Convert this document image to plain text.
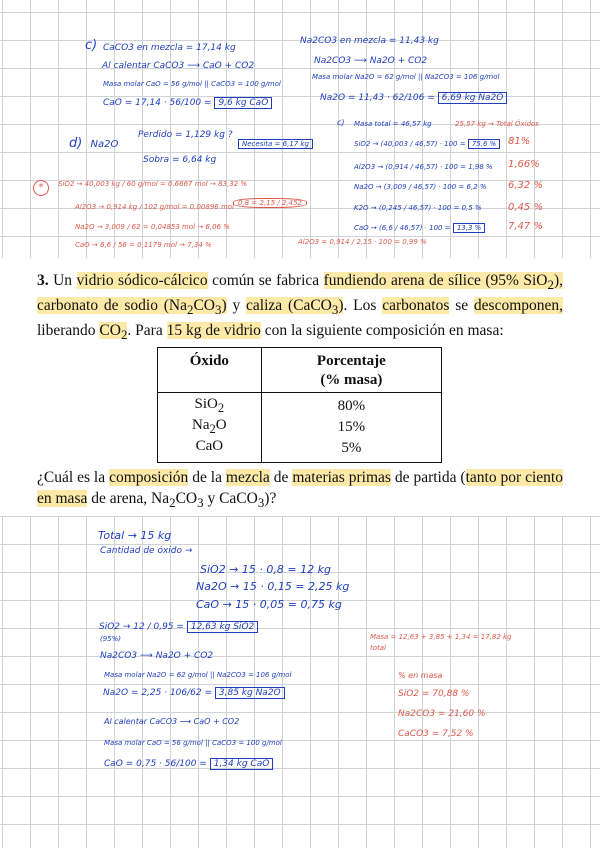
c) CaCO3 en mezcla = 17,14 kg
Al calentar CaCO3 ⟶ CaO + CO2
Masa molar CaO = 56 g/mol || CaCO3 = 100 g/mol
CaO = 17,14 · 56/100 = 9,6 kg CaO
Na2CO3 en mezcla = 11,43 kg
Na2CO3 ⟶ Na2O + CO2
Masa molar Na2O = 62 g/mol || Na2CO3 = 106 g/mol
Na2O = 11,43 · 62/106 = 6,69 kg Na2O
d) Na2O
Perdido = 1,129 kg ?
Sobra = 6,64 kg
Necesita = 6,17 kg
c) Masa total = 46,57 kg	25,57 kg → Total Óxidos
SiO2 → (40,003 / 46,57) · 100 = 75,6 %
Al2O3 → (0,914 / 46,57) · 100 = 1,98 %
Na2O → (3,009 / 46,57) · 100 = 6,2 %
K2O → (0,245 / 46,57) · 100 = 0,5 %
CaO → (6,6 / 46,57) · 100 = 13,3 %
81%
1,66%
6,32 %
0,45 %
7,47 %
*	SiO2 → 40,003 kg / 60 g/mol = 0,6667 mol → 83,32 %
Al2O3 → 0,914 kg / 102 g/mol = 0,00896 mol
Na2O → 3,009 / 62 = 0,04853 mol → 6,06 %
CaO → 6,6 / 56 = 0,1179 mol → 7,34 %
0,8 = 2,15 / 2,452
Al2O3 = 0,914 / 2,15 · 100 = 0,99 %
3. Un vidrio sódico-cálcico común se fabrica fundiendo arena de sílice (95% SiO$_2$), carbonato de sodio $(Na_2CO_3)$ y caliza (CaCO$_3$). Los carbonatos se descomponen, liberando $CO_2$. Para 15 kg de vidrio con la siguiente composición en masa:
Óxido	Porcentaje
(% masa)
SiO$_2$	80%
$Na_2O$	15%
CaO	5%
¿Cuál es la composición de la mezcla de materias primas de partida (tanto por ciento en masa de arena, $Na_2CO_3$ y CaCO$_3$)?
Total → 15 kg
Cantidad de óxido →
SiO2 → 15 · 0,8 = 12 kg
Na2O → 15 · 0,15 = 2,25 kg
CaO → 15 · 0,05 = 0,75 kg
SiO2 → 12 / 0,95 = 12,63 kg SiO2
(95%)
Na2CO3 ⟶ Na2O + CO2
Masa molar Na2O = 62 g/mol || Na2CO3 = 106 g/mol
Na2O = 2,25 · 106/62 = 3,85 kg Na2O
Al calentar CaCO3 ⟶ CaO + CO2
Masa molar CaO = 56 g/mol || CaCO3 = 100 g/mol
CaO = 0,75 · 56/100 = 1,34 kg CaO
Masa = 12,63 + 3,85 + 1,34 = 17,82 kg
total
% en masa
SiO2 = 70,88 %
Na2CO3 = 21,60 %
CaCO3 = 7,52 %
